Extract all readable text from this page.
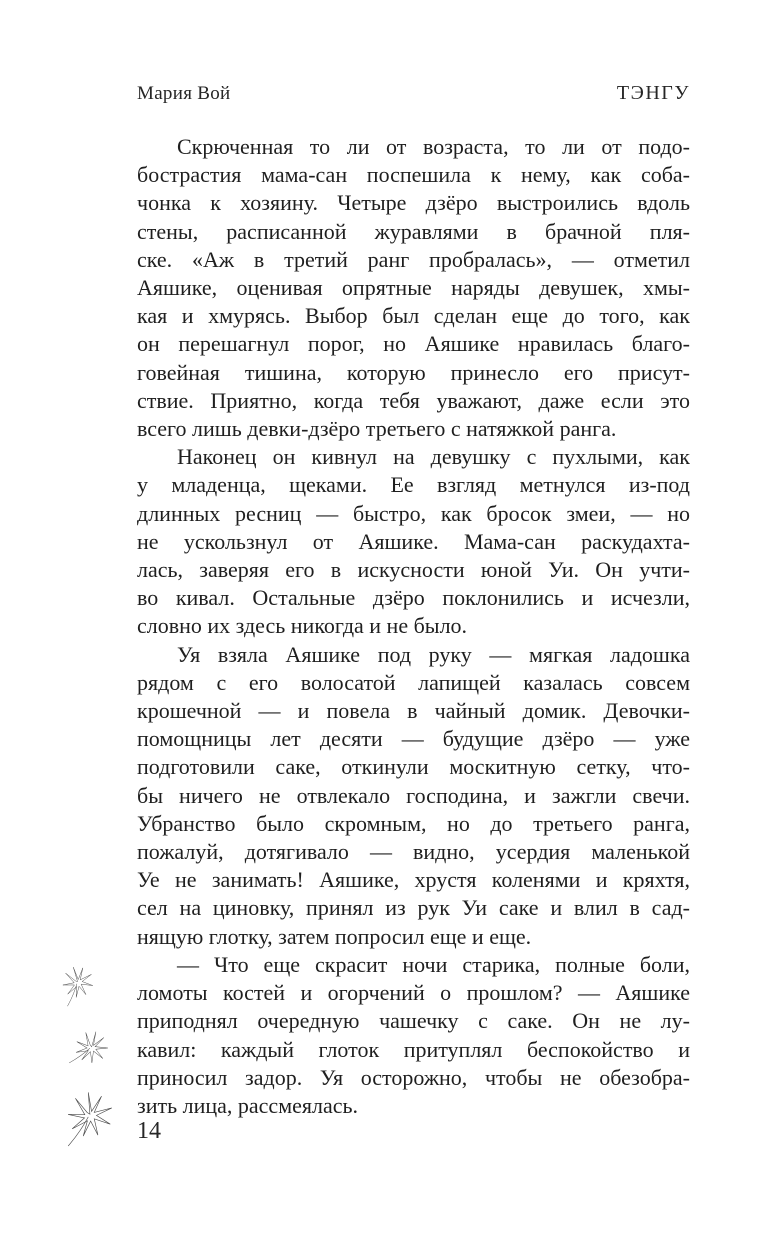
Мария Вой	ТЭНГУ
Скрюченная то ли от возраста, то ли от подо-
бострастия мама-сан поспешила к нему, как соба-
чонка к хозяину. Четыре дзёро выстроились вдоль
стены, расписанной журавлями в брачной пля-
ске. «Аж в третий ранг пробралась», — отметил
Аяшике, оценивая опрятные наряды девушек, хмы-
кая и хмурясь. Выбор был сделан еще до того, как
он перешагнул порог, но Аяшике нравилась благо-
говейная тишина, которую принесло его присут-
ствие. Приятно, когда тебя уважают, даже если это
всего лишь девки-дзёро третьего с натяжкой ранга.
Наконец он кивнул на девушку с пухлыми, как
у младенца, щеками. Ее взгляд метнулся из-под
длинных ресниц — быстро, как бросок змеи, — но
не ускользнул от Аяшике. Мама-сан раскудахта-
лась, заверяя его в искусности юной Уи. Он учти-
во кивал. Остальные дзёро поклонились и исчезли,
словно их здесь никогда и не было.
Уя взяла Аяшике под руку — мягкая ладошка
рядом с его волосатой лапищей казалась совсем
крошечной — и повела в чайный домик. Девочки-
помощницы лет десяти — будущие дзёро — уже
подготовили саке, откинули москитную сетку, что-
бы ничего не отвлекало господина, и зажгли свечи.
Убранство было скромным, но до третьего ранга,
пожалуй, дотягивало — видно, усердия маленькой
Уе не занимать! Аяшике, хрустя коленями и кряхтя,
сел на циновку, принял из рук Уи саке и влил в сад-
нящую глотку, затем попросил еще и еще.
— Что еще скрасит ночи старика, полные боли,
ломоты костей и огорчений о прошлом? — Аяшике
приподнял очередную чашечку с саке. Он не лу-
кавил: каждый глоток притуплял беспокойство и
приносил задор. Уя осторожно, чтобы не обезобра-
зить лица, рассмеялась.
14
